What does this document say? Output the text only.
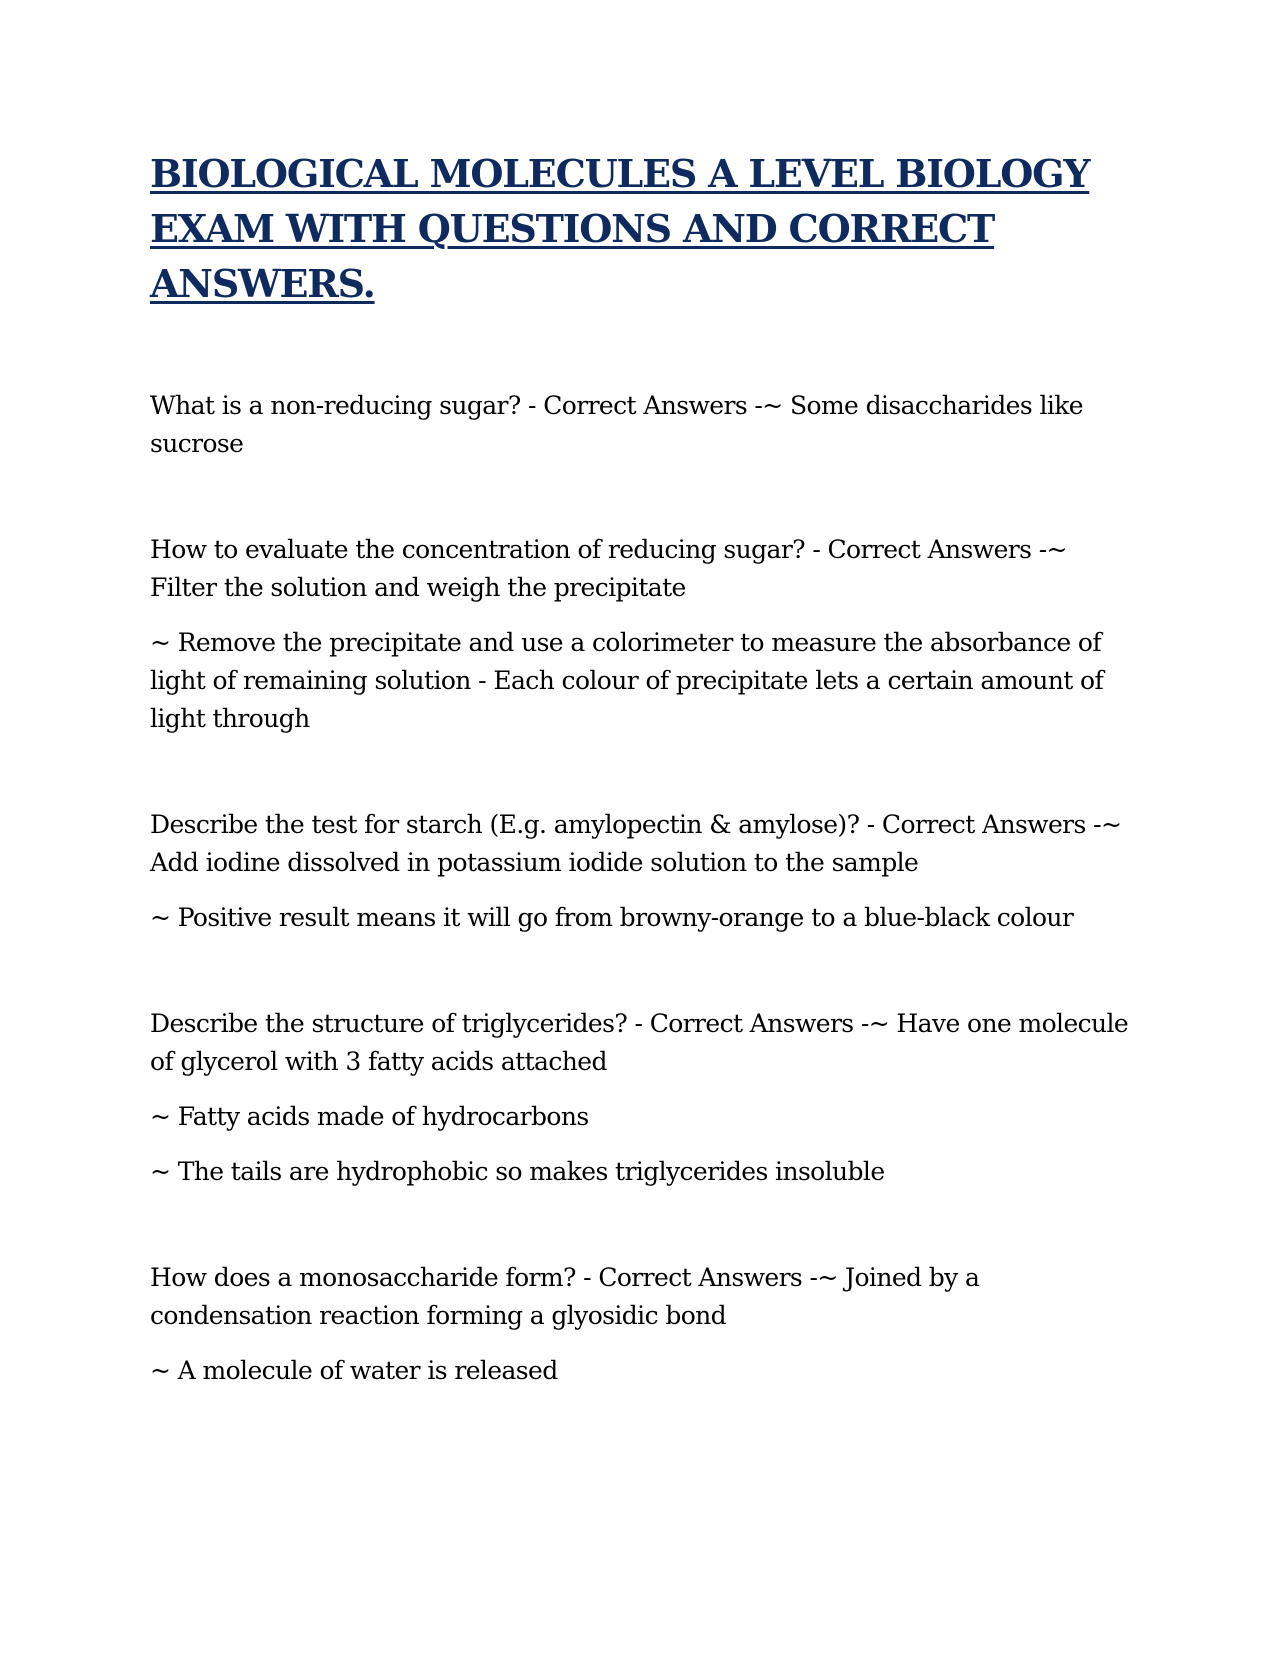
BIOLOGICAL MOLECULES A LEVEL BIOLOGY EXAM WITH QUESTIONS AND CORRECT ANSWERS.

What is a non-reducing sugar? - Correct Answers -~ Some disaccharides like sucrose

How to evaluate the concentration of reducing sugar? - Correct Answers -~ Filter the solution and weigh the precipitate

~ Remove the precipitate and use a colorimeter to measure the absorbance of light of remaining solution - Each colour of precipitate lets a certain amount of light through

Describe the test for starch (E.g. amylopectin & amylose)? - Correct Answers -~ Add iodine dissolved in potassium iodide solution to the sample

~ Positive result means it will go from browny-orange to a blue-black colour

Describe the structure of triglycerides? - Correct Answers -~ Have one molecule of glycerol with 3 fatty acids attached

~ Fatty acids made of hydrocarbons

~ The tails are hydrophobic so makes triglycerides insoluble

How does a monosaccharide form? - Correct Answers -~ Joined by a condensation reaction forming a glyosidic bond

~ A molecule of water is released
